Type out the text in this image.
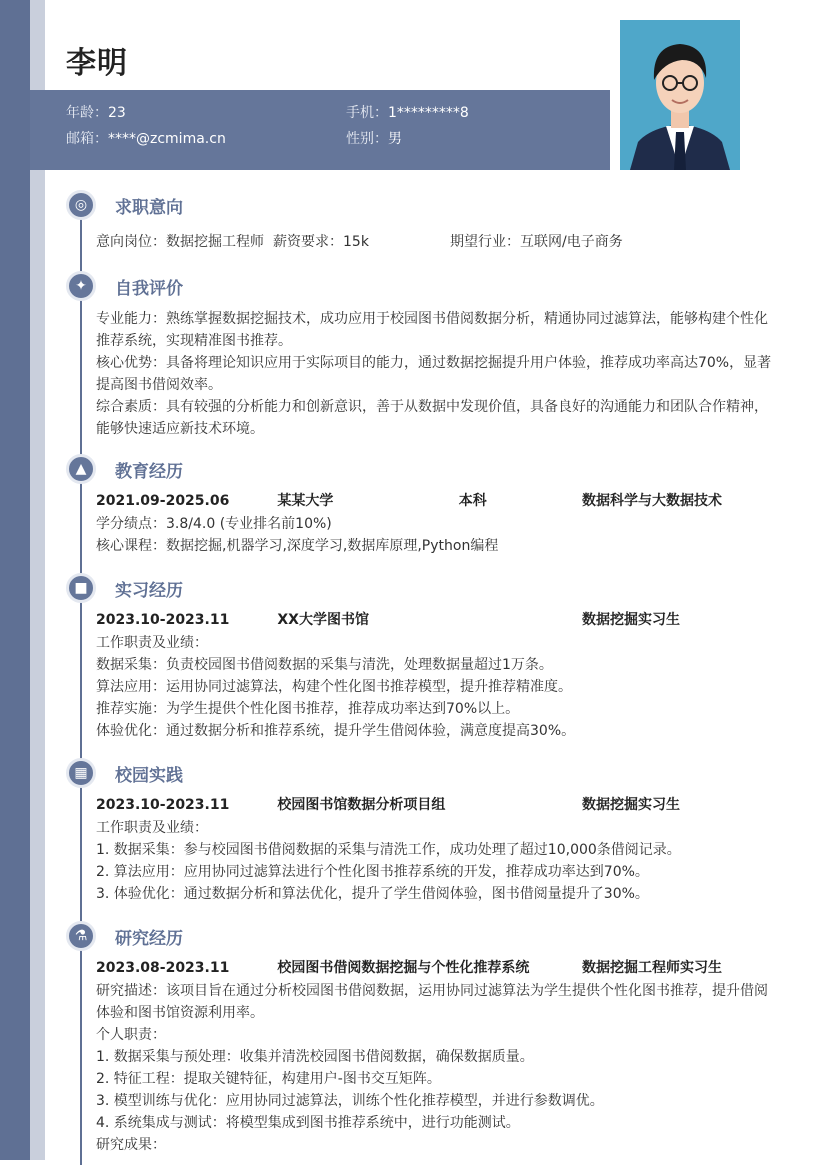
李明
年龄：23	手机：1*********8
邮箱：****@zcmima.cn	性别：男
◎	求职意向
意向岗位：数据挖掘工程师 薪资要求：15k	期望行业：互联网/电子商务
✦	自我评价
专业能力：熟练掌握数据挖掘技术，成功应用于校园图书借阅数据分析，精通协同过滤算法，能够构建个性化推荐系统，实现精准图书推荐。
核心优势：具备将理论知识应用于实际项目的能力，通过数据挖掘提升用户体验，推荐成功率高达70%，显著提高图书借阅效率。
综合素质：具有较强的分析能力和创新意识，善于从数据中发现价值，具备良好的沟通能力和团队合作精神，能够快速适应新技术环境。
▲	教育经历
2021.09-2025.06	某某大学	本科	数据科学与大数据技术
学分绩点：3.8/4.0 (专业排名前10%)
核心课程：数据挖掘,机器学习,深度学习,数据库原理,Python编程
■	实习经历
2023.10-2023.11	XX大学图书馆	数据挖掘实习生
工作职责及业绩：
数据采集：负责校园图书借阅数据的采集与清洗，处理数据量超过1万条。
算法应用：运用协同过滤算法，构建个性化图书推荐模型，提升推荐精准度。
推荐实施：为学生提供个性化图书推荐，推荐成功率达到70%以上。
体验优化：通过数据分析和推荐系统，提升学生借阅体验，满意度提高30%。
▦	校园实践
2023.10-2023.11	校园图书馆数据分析项目组	数据挖掘实习生
工作职责及业绩：
1. 数据采集：参与校园图书借阅数据的采集与清洗工作，成功处理了超过10,000条借阅记录。
2. 算法应用：应用协同过滤算法进行个性化图书推荐系统的开发，推荐成功率达到70%。
3. 体验优化：通过数据分析和算法优化，提升了学生借阅体验，图书借阅量提升了30%。
⚗	研究经历
2023.08-2023.11	校园图书借阅数据挖掘与个性化推荐系统	数据挖掘工程师实习生
研究描述：该项目旨在通过分析校园图书借阅数据，运用协同过滤算法为学生提供个性化图书推荐，提升借阅体验和图书馆资源利用率。
个人职责：
1. 数据采集与预处理：收集并清洗校园图书借阅数据，确保数据质量。
2. 特征工程：提取关键特征，构建用户-图书交互矩阵。
3. 模型训练与优化：应用协同过滤算法，训练个性化推荐模型，并进行参数调优。
4. 系统集成与测试：将模型集成到图书推荐系统中，进行功能测试。
研究成果：
